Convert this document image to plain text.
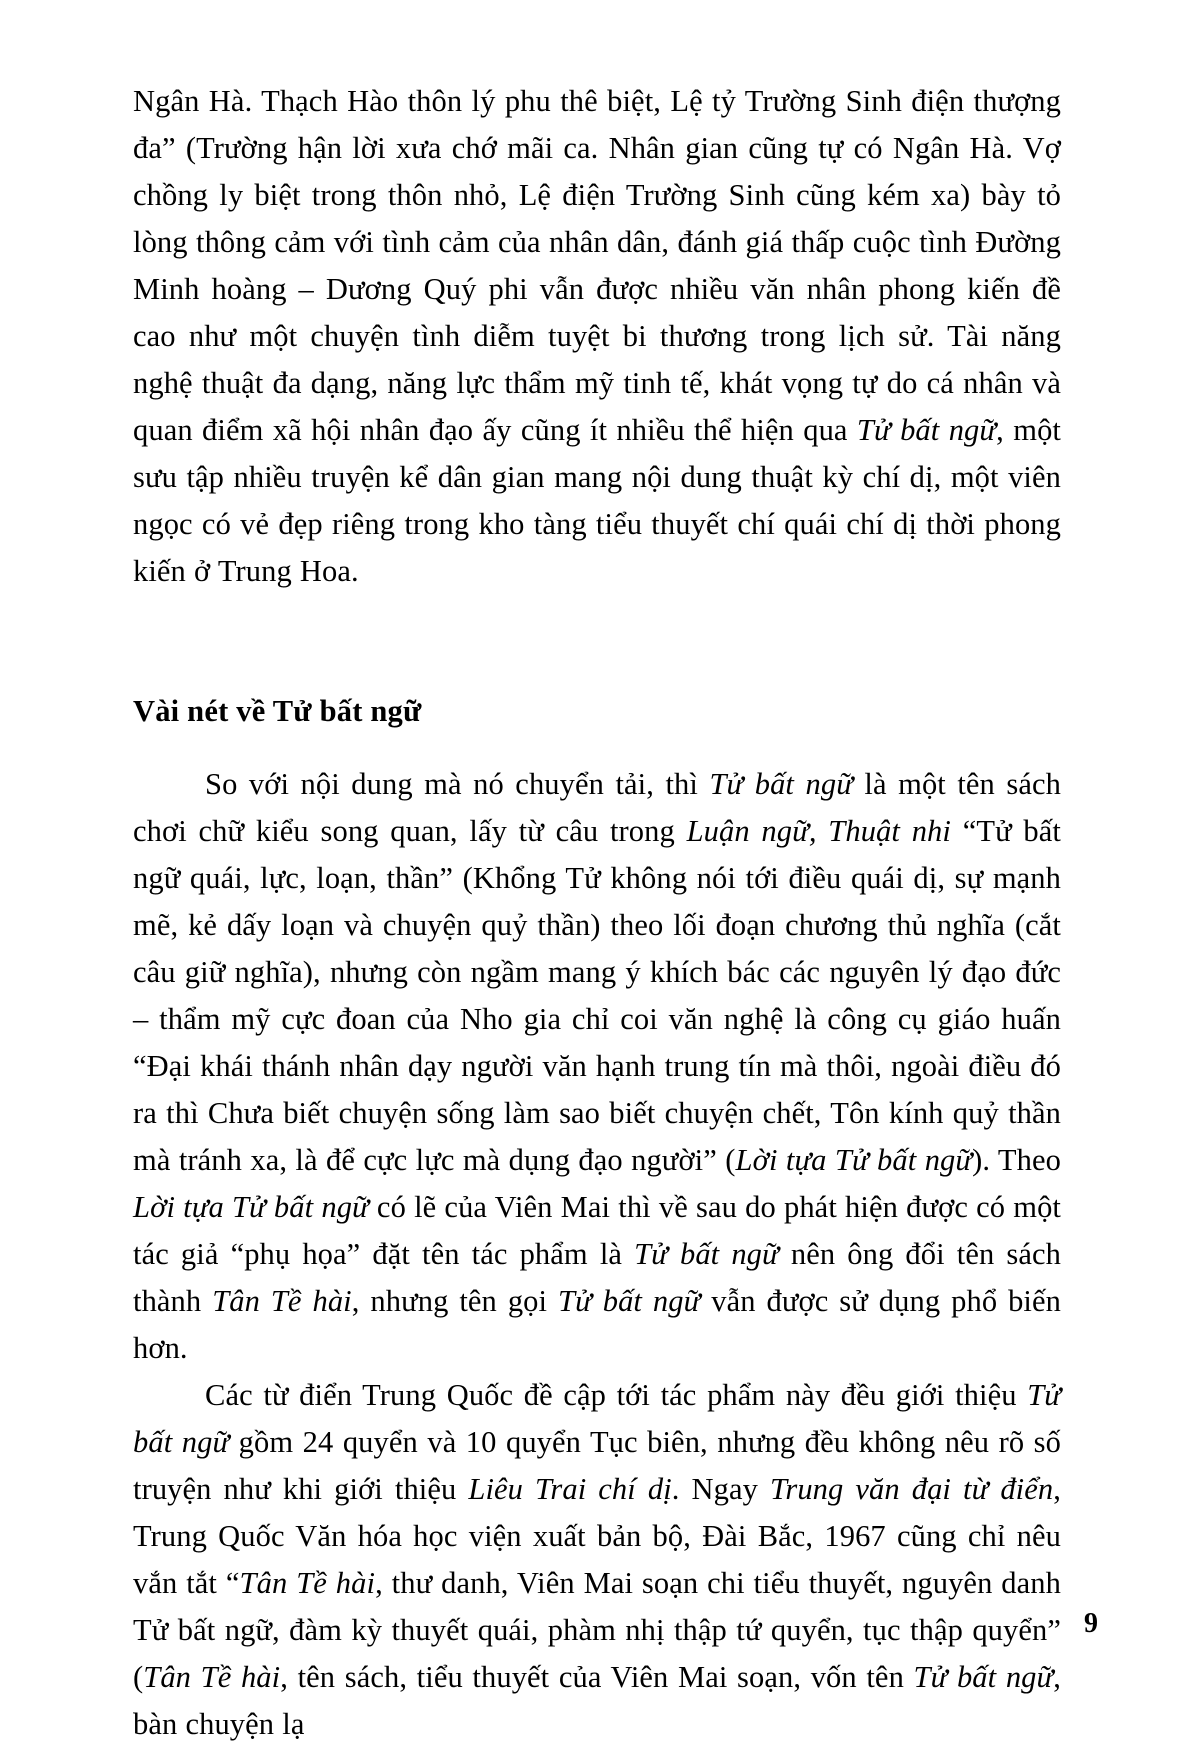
Ngân Hà. Thạch Hào thôn lý phu thê biệt, Lệ tỷ Trường Sinh điện thượng đa” (Trường hận lời xưa chớ mãi ca. Nhân gian cũng tự có Ngân Hà. Vợ chồng ly biệt trong thôn nhỏ, Lệ điện Trường Sinh cũng kém xa) bày tỏ lòng thông cảm với tình cảm của nhân dân, đánh giá thấp cuộc tình Đường Minh hoàng – Dương Quý phi vẫn được nhiều văn nhân phong kiến đề cao như một chuyện tình diễm tuyệt bi thương trong lịch sử. Tài năng nghệ thuật đa dạng, năng lực thẩm mỹ tinh tế, khát vọng tự do cá nhân và quan điểm xã hội nhân đạo ấy cũng ít nhiều thể hiện qua Tử bất ngữ, một sưu tập nhiều truyện kể dân gian mang nội dung thuật kỳ chí dị, một viên ngọc có vẻ đẹp riêng trong kho tàng tiểu thuyết chí quái chí dị thời phong kiến ở Trung Hoa.

Vài nét về Tử bất ngữ

So với nội dung mà nó chuyển tải, thì Tử bất ngữ là một tên sách chơi chữ kiểu song quan, lấy từ câu trong Luận ngữ, Thuật nhi “Tử bất ngữ quái, lực, loạn, thần” (Khổng Tử không nói tới điều quái dị, sự mạnh mẽ, kẻ dấy loạn và chuyện quỷ thần) theo lối đoạn chương thủ nghĩa (cắt câu giữ nghĩa), nhưng còn ngầm mang ý khích bác các nguyên lý đạo đức – thẩm mỹ cực đoan của Nho gia chỉ coi văn nghệ là công cụ giáo huấn “Đại khái thánh nhân dạy người văn hạnh trung tín mà thôi, ngoài điều đó ra thì Chưa biết chuyện sống làm sao biết chuyện chết, Tôn kính quỷ thần mà tránh xa, là để cực lực mà dụng đạo người” (Lời tựa Tử bất ngữ). Theo Lời tựa Tử bất ngữ có lẽ của Viên Mai thì về sau do phát hiện được có một tác giả “phụ họa” đặt tên tác phẩm là Tử bất ngữ nên ông đổi tên sách thành Tân Tề hài, nhưng tên gọi Tử bất ngữ vẫn được sử dụng phổ biến hơn.

Các từ điển Trung Quốc đề cập tới tác phẩm này đều giới thiệu Tử bất ngữ gồm 24 quyển và 10 quyển Tục biên, nhưng đều không nêu rõ số truyện như khi giới thiệu Liêu Trai chí dị. Ngay Trung văn đại từ điển, Trung Quốc Văn hóa học viện xuất bản bộ, Đài Bắc, 1967 cũng chỉ nêu vắn tắt “Tân Tề hài, thư danh, Viên Mai soạn chi tiểu thuyết, nguyên danh Tử bất ngữ, đàm kỳ thuyết quái, phàm nhị thập tứ quyển, tục thập quyển” (Tân Tề hài, tên sách, tiểu thuyết của Viên Mai soạn, vốn tên Tử bất ngữ, bàn chuyện lạ

9
